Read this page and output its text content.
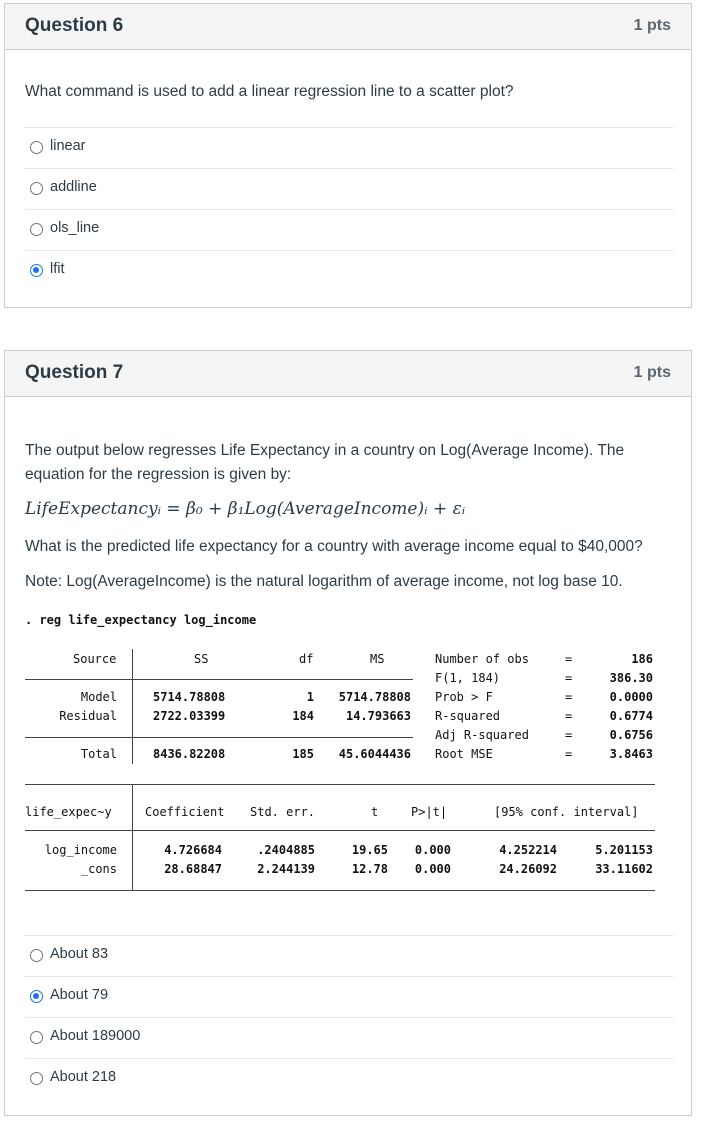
Question 6	1 pts
What command is used to add a linear regression line to a scatter plot?
linear
addline
ols_line
lfit
Question 7	1 pts
The output below regresses Life Expectancy in a country on Log(Average Income). The equation for the regression is given by:
LifeExpectancyᵢ = β₀ + β₁Log(AverageIncome)ᵢ + εᵢ
What is the predicted life expectancy for a country with average income equal to $40,000?
Note: Log(AverageIncome) is the natural logarithm of average income, not log base 10.
. reg life_expectancy log_income
Source	SS	df	MS
Model	5714.78808	1 5714.78808
Residual	2722.03399	184	14.793663
Total	8436.82208	185 45.6044436
Number of obs	=	186
F(1, 184)	=	386.30
Prob > F	=	0.0000
R-squared	=	0.6774
Adj R-squared	=	0.6756
Root MSE	=	3.8463
life_expec~y	Coefficient Std. err.	t	P>|t|	[95% conf. interval]
log_income	4.726684	.2404885	19.65 0.000	4.252214	5.201153
_cons	28.68847	2.244139	12.78 0.000	24.26092	33.11602
About 83
About 79
About 189000
About 218
